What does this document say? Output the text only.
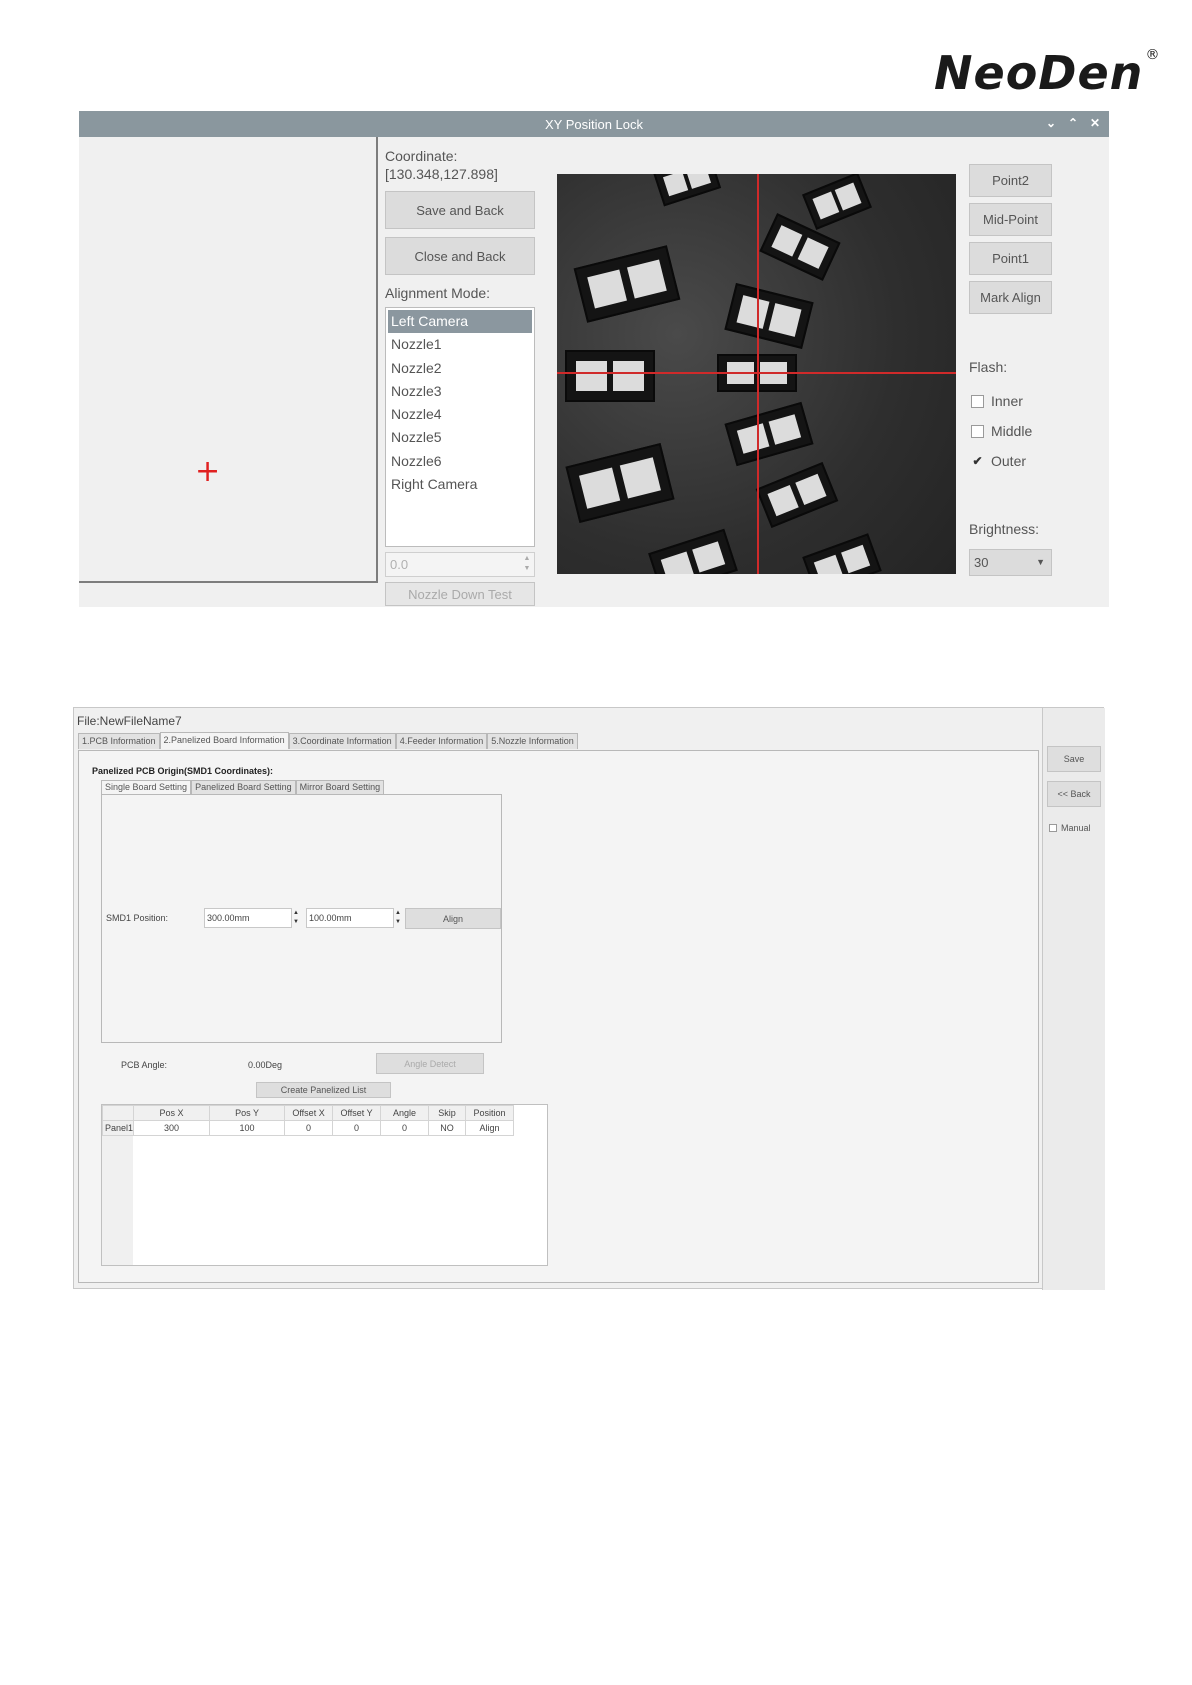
NeoDen ®
XY Position Lock	⌄ ⌃ ✕
+
Coordinate:
[130.348,127.898]
Save and Back
Close and Back
Alignment Mode:
Left Camera
Nozzle1
Nozzle2
Nozzle3
Nozzle4
Nozzle5
Nozzle6
Right Camera
0.0	▲
▼
Nozzle Down Test
Point2
Mid-Point
Point1
Mark Align
Flash:
Inner
Middle
✔ Outer
Brightness:
30	▼
File:NewFileName7
1.PCB Information 2.Panelized Board Information 3.Coordinate Information 4.Feeder Information 5.Nozzle Information
Panelized PCB Origin(SMD1 Coordinates):
Single Board Setting Panelized Board Setting Mirror Board Setting
SMD1 Position:	300.00mm	▲
▼	100.00mm	▲
▼	Align
PCB Angle:	0.00Deg	Angle Detect
Create Panelized List
	Pos X	Pos Y	Offset X	Offset Y	Angle	Skip	Position
Panel1	300	100	0	0	0	NO	Align
Save
<< Back
Manual
